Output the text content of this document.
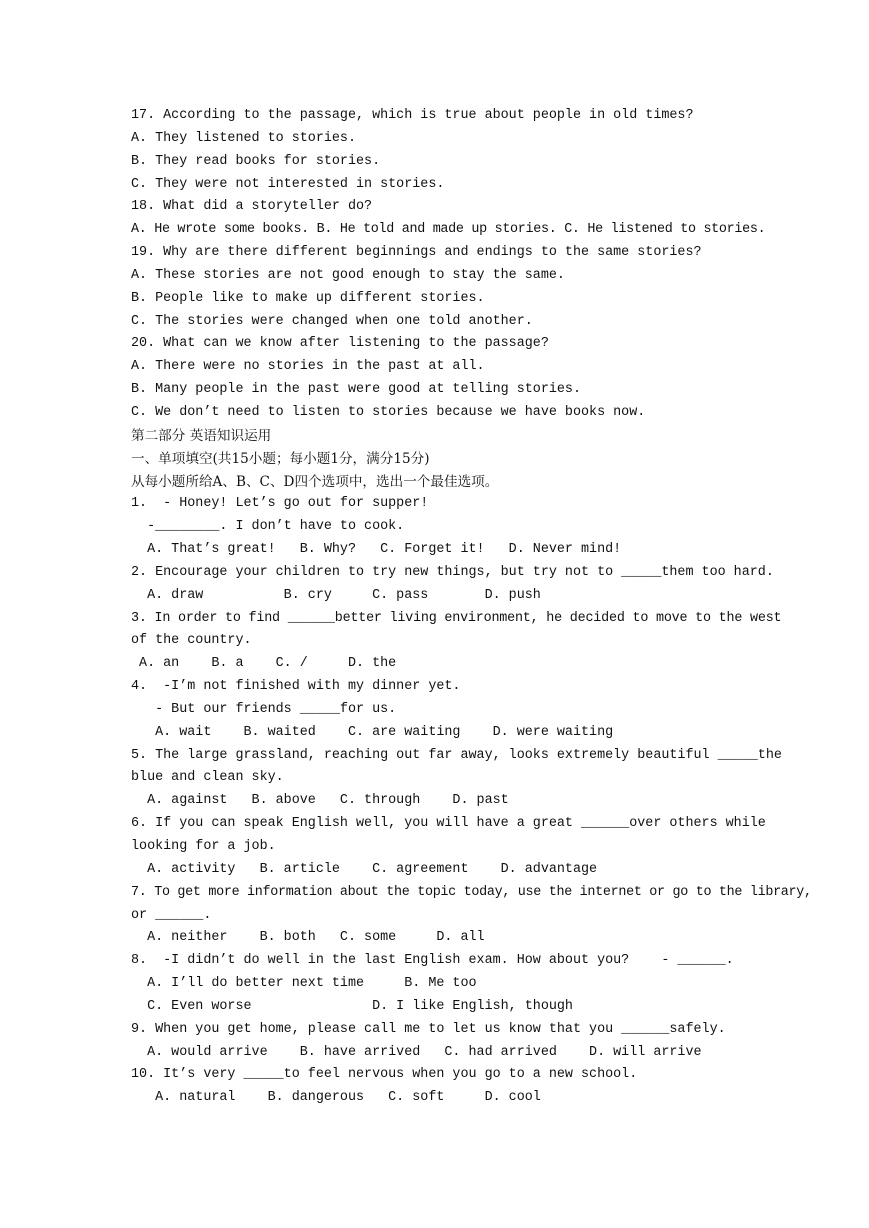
17. According to the passage, which is true about people in old times?
A. They listened to stories.
B. They read books for stories.
C. They were not interested in stories.
18. What did a storyteller do?
A. He wrote some books. B. He told and made up stories. C. He listened to stories.
19. Why are there different beginnings and endings to the same stories?
A. These stories are not good enough to stay the same.
B. People like to make up different stories.
C. The stories were changed when one told another.
20. What can we know after listening to the passage?
A. There were no stories in the past at all.
B. Many people in the past were good at telling stories.
C. We don’t need to listen to stories because we have books now.
第二部分 英语知识运用
一、单项填空(共15小题；每小题1分，满分15分)
从每小题所给A、B、C、D四个选项中，选出一个最佳选项。
1.  - Honey! Let’s go out for supper!
-________. I don’t have to cook.
A. That’s great!   B. Why?   C. Forget it!   D. Never mind!
2. Encourage your children to try new things, but try not to _____them too hard.
A. draw          B. cry     C. pass       D. push
3. In order to find ______better living environment, he decided to move to the west
of the country.
A. an    B. a    C. /     D. the
4.  -I’m not finished with my dinner yet.
- But our friends _____for us.
A. wait    B. waited    C. are waiting    D. were waiting
5. The large grassland, reaching out far away, looks extremely beautiful _____the
blue and clean sky.
A. against   B. above   C. through    D. past
6. If you can speak English well, you will have a great ______over others while
looking for a job.
A. activity   B. article    C. agreement    D. advantage
7. To get more information about the topic today, use the internet or go to the library,
or ______.
A. neither    B. both   C. some     D. all
8.  -I didn’t do well in the last English exam. How about you?    - ______.
A. I’ll do better next time     B. Me too
C. Even worse               D. I like English, though
9. When you get home, please call me to let us know that you ______safely.
A. would arrive    B. have arrived   C. had arrived    D. will arrive
10. It’s very _____to feel nervous when you go to a new school.
A. natural    B. dangerous   C. soft     D. cool
